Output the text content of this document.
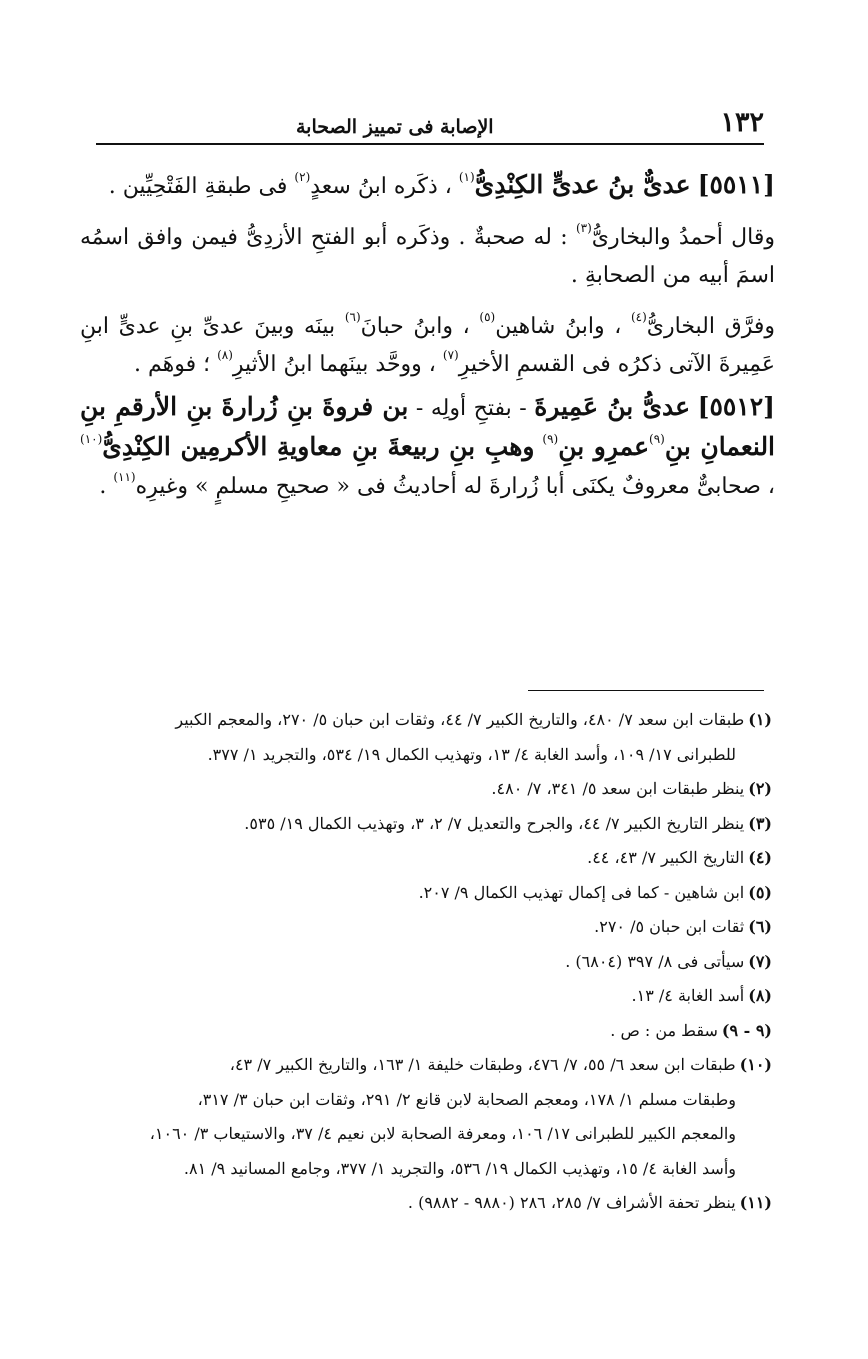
١٣٢
الإصابة فى تمييز الصحابة

[٥٥١١] عدىٌّ بنُ عدىٍّ الكِنْدِىُّ$^{(١)}$ ، ذكَره ابنُ سعدٍ$^{(٢)}$ فى طبقةِ الفَتْحِيِّين .

وقال أحمدُ والبخارىُّ$^{(٣)}$ : له صحبةٌ . وذكَره أبو الفتحِ الأزدِىُّ فيمن وافق اسمُه اسمَ أبيه من الصحابةِ .

وفرَّق البخارىُّ$^{(٤)}$ ، وابنُ شاهين$^{(٥)}$ ، وابنُ حبانَ$^{(٦)}$ بينَه وبينَ عدىِّ بنِ عدىٍّ ابنِ عَمِيرةَ الآتى ذكرُه فى القسمِ الأخيرِ$^{(٧)}$ ، ووحَّد بينَهما ابنُ الأثيرِ$^{(٨)}$ ؛ فوهَم .

[٥٥١٢] عدىُّ بنُ عَمِيرةَ - بفتحِ أولِه - بن فروةَ بنِ زُرارةَ بنِ الأرقمِ بنِ النعمانِ بنِ$^{(٩)}$عمرِو بنِ$^{(٩)}$ وهبِ بنِ ربيعةَ بنِ معاويةِ الأكرمِين الكِنْدِىُّ$^{(١٠)}$ ، صحابىٌّ معروفٌ يكنَى أبا زُرارةَ له أحاديثُ فى « صحيحِ مسلمٍ » وغيرِه$^{(١١)}$ .

(١)طبقات ابن سعد ٧/ ٤٨٠، والتاريخ الكبير ٧/ ٤٤، وثقات ابن حبان ٥/ ٢٧٠، والمعجم الكبير
للطبرانى ١٧/ ١٠٩، وأسد الغابة ٤/ ١٣، وتهذيب الكمال ١٩/ ٥٣٤، والتجريد ١/ ٣٧٧.
(٢)ينظر طبقات ابن سعد ٥/ ٣٤١، ٧/ ٤٨٠.
(٣)ينظر التاريخ الكبير ٧/ ٤٤، والجرح والتعديل ٧/ ٢، ٣، وتهذيب الكمال ١٩/ ٥٣٥.
(٤)التاريخ الكبير ٧/ ٤٣، ٤٤.
(٥)ابن شاهين - كما فى إكمال تهذيب الكمال ٩/ ٢٠٧.
(٦)ثقات ابن حبان ٥/ ٢٧٠.
(٧)سيأتى فى ٨/ ٣٩٧ (٦٨٠٤) .
(٨)أسد الغابة ٤/ ١٣.
(٩ - ٩)سقط من : ص .
(١٠)طبقات ابن سعد ٦/ ٥٥، ٧/ ٤٧٦، وطبقات خليفة ١/ ١٦٣، والتاريخ الكبير ٧/ ٤٣،
وطبقات مسلم ١/ ١٧٨، ومعجم الصحابة لابن قانع ٢/ ٢٩١، وثقات ابن حبان ٣/ ٣١٧،
والمعجم الكبير للطبرانى ١٧/ ١٠٦، ومعرفة الصحابة لابن نعيم ٤/ ٣٧، والاستيعاب ٣/ ١٠٦٠،
وأسد الغابة ٤/ ١٥، وتهذيب الكمال ١٩/ ٥٣٦، والتجريد ١/ ٣٧٧، وجامع المسانيد ٩/ ٨١.
(١١)ينظر تحفة الأشراف ٧/ ٢٨٥، ٢٨٦ (٩٨٨٠ - ٩٨٨٢) .
